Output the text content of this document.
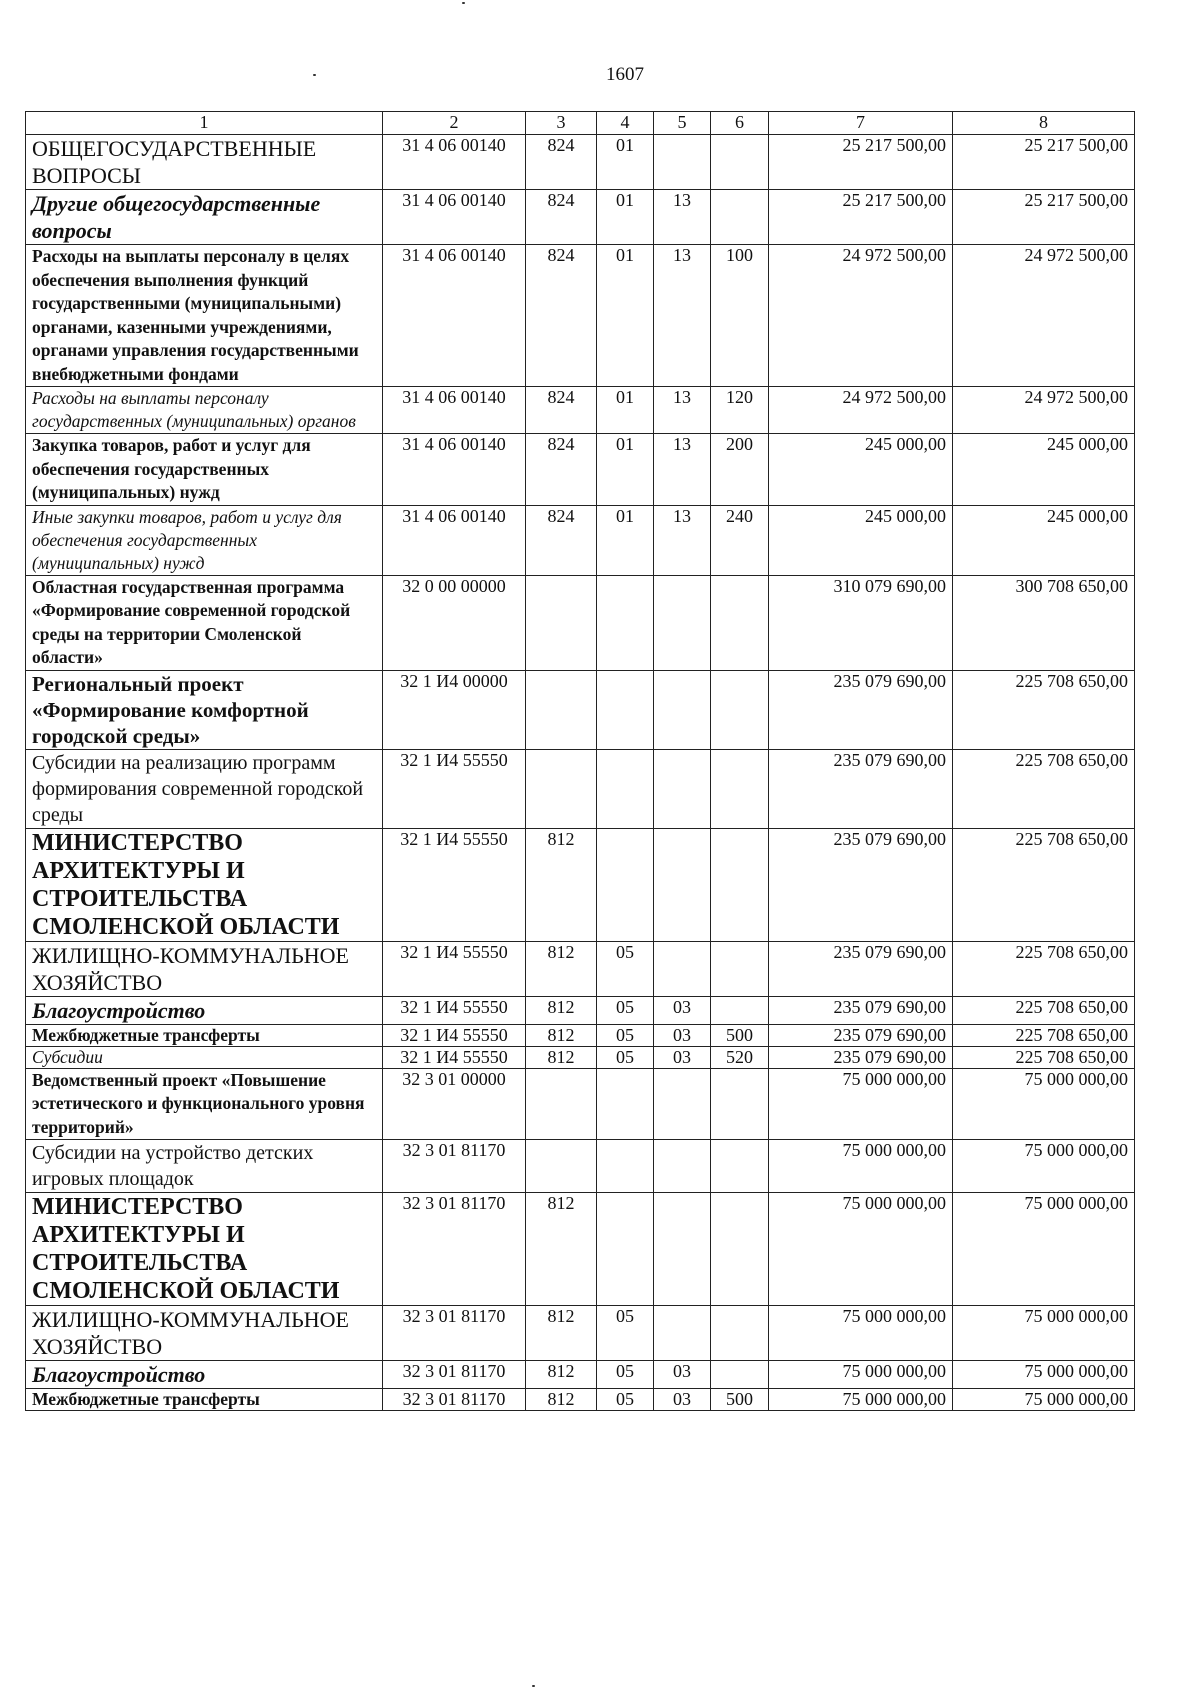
1607
1	2	3	4	5	6	7	8
ОБЩЕГОСУДАРСТВЕННЫЕ ВОПРОСЫ	31 4 06 00140	824	01			25 217 500,00	25 217 500,00
Другие общегосударственные вопросы	31 4 06 00140	824	01	13		25 217 500,00	25 217 500,00
Расходы на выплаты персоналу в целях обеспечения выполнения функций государственными (муниципальными) органами, казенными учреждениями, органами управления государственными внебюджетными фондами	31 4 06 00140	824	01	13	100	24 972 500,00	24 972 500,00
Расходы на выплаты персоналу государственных (муниципальных) органов	31 4 06 00140	824	01	13	120	24 972 500,00	24 972 500,00
Закупка товаров, работ и услуг для обеспечения государственных (муниципальных) нужд	31 4 06 00140	824	01	13	200	245 000,00	245 000,00
Иные закупки товаров, работ и услуг для обеспечения государственных (муниципальных) нужд	31 4 06 00140	824	01	13	240	245 000,00	245 000,00
Областная государственная программа «Формирование современной городской среды на территории Смоленской области»	32 0 00 00000					310 079 690,00	300 708 650,00
Региональный проект «Формирование комфортной городской среды»	32 1 И4 00000					235 079 690,00	225 708 650,00
Субсидии на реализацию программ формирования современной городской среды	32 1 И4 55550					235 079 690,00	225 708 650,00
МИНИСТЕРСТВО АРХИТЕКТУРЫ И СТРОИТЕЛЬСТВА СМОЛЕНСКОЙ ОБЛАСТИ	32 1 И4 55550	812				235 079 690,00	225 708 650,00
ЖИЛИЩНО-КОММУНАЛЬНОЕ ХОЗЯЙСТВО	32 1 И4 55550	812	05			235 079 690,00	225 708 650,00
Благоустройство	32 1 И4 55550	812	05	03		235 079 690,00	225 708 650,00
Межбюджетные трансферты	32 1 И4 55550	812	05	03	500	235 079 690,00	225 708 650,00
Субсидии	32 1 И4 55550	812	05	03	520	235 079 690,00	225 708 650,00
Ведомственный проект «Повышение эстетического и функционального уровня территорий»	32 3 01 00000					75 000 000,00	75 000 000,00
Субсидии на устройство детских игровых площадок	32 3 01 81170					75 000 000,00	75 000 000,00
МИНИСТЕРСТВО АРХИТЕКТУРЫ И СТРОИТЕЛЬСТВА СМОЛЕНСКОЙ ОБЛАСТИ	32 3 01 81170	812				75 000 000,00	75 000 000,00
ЖИЛИЩНО-КОММУНАЛЬНОЕ ХОЗЯЙСТВО	32 3 01 81170	812	05			75 000 000,00	75 000 000,00
Благоустройство	32 3 01 81170	812	05	03		75 000 000,00	75 000 000,00
Межбюджетные трансферты	32 3 01 81170	812	05	03	500	75 000 000,00	75 000 000,00
